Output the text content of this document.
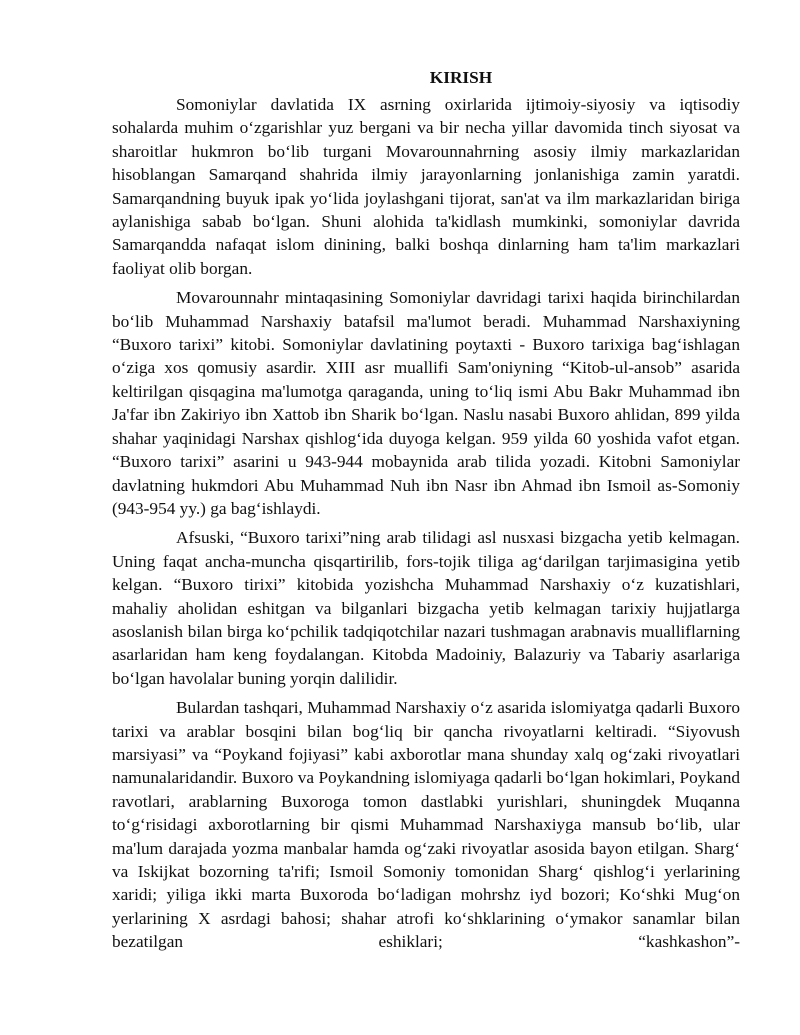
KIRISH

Somoniylar davlatida IX asrning oxirlarida ijtimoiy-siyosiy va iqtisodiy sohalarda muhim o‘zgarishlar yuz bergani va bir necha yillar davomida tinch siyosat va sharoitlar hukmron bo‘lib turgani Movarounnahrning asosiy ilmiy markazlaridan hisoblangan Samarqand shahrida ilmiy jarayonlarning jonlanishiga zamin yaratdi. Samarqandning buyuk ipak yo‘lida joylashgani tijorat, san'at va ilm markazlaridan biriga aylanishiga sabab bo‘lgan. Shuni alohida ta'kidlash mumkinki, somoniylar davrida Samarqandda nafaqat islom dinining, balki boshqa dinlarning ham ta'lim markazlari faoliyat olib borgan.

Movarounnahr mintaqasining Somoniylar davridagi tarixi haqida birinchilardan bo‘lib Muhammad Narshaxiy batafsil ma'lumot beradi. Muhammad Narshaxiyning “Buxoro tarixi” kitobi. Somoniylar davlatining poytaxti - Buxoro tarixiga bag‘ishlagan o‘ziga xos qomusiy asardir. XIII asr muallifi Sam'oniyning “Kitob-ul-ansob” asarida keltirilgan qisqagina ma'lumotga qaraganda, uning to‘liq ismi Abu Bakr Muhammad ibn Ja'far ibn Zakiriyo ibn Xattob ibn Sharik bo‘lgan. Naslu nasabi Buxoro ahlidan, 899 yilda shahar yaqinidagi Narshax qishlog‘ida duyoga kelgan. 959 yilda 60 yoshida vafot etgan. “Buxoro tarixi” asarini u 943-944 mobaynida arab tilida yozadi. Kitobni Samoniylar davlatning hukmdori Abu Muhammad Nuh ibn Nasr ibn Ahmad ibn Ismoil as-Somoniy (943-954 yy.) ga bag‘ishlaydi.

Afsuski, “Buxoro tarixi”ning arab tilidagi asl nusxasi bizgacha yetib kelmagan. Uning faqat ancha-muncha qisqartirilib, fors-tojik tiliga ag‘darilgan tarjimasigina yetib kelgan. “Buxoro tirixi” kitobida yozishcha Muhammad Narshaxiy o‘z kuzatishlari, mahaliy aholidan eshitgan va bilganlari bizgacha yetib kelmagan tarixiy hujjatlarga asoslanish bilan birga ko‘pchilik tadqiqotchilar nazari tushmagan arabnavis mualliflarning asarlaridan ham keng foydalangan. Kitobda Madoiniy, Balazuriy va Tabariy asarlariga bo‘lgan havolalar buning yorqin dalilidir.

Bulardan tashqari, Muhammad Narshaxiy o‘z asarida islomiyatga qadarli Buxoro tarixi va arablar bosqini bilan bog‘liq bir qancha rivoyatlarni keltiradi. “Siyovush marsiyasi” va “Poykand fojiyasi” kabi axborotlar mana shunday xalq og‘zaki rivoyatlari namunalaridandir. Buxoro va Poykandning islomiyaga qadarli bo‘lgan hokimlari, Poykand ravotlari, arablarning Buxoroga tomon dastlabki yurishlari, shuningdek Muqanna to‘g‘risidagi axborotlarning bir qismi Muhammad Narshaxiyga mansub bo‘lib, ular ma'lum darajada yozma manbalar hamda og‘zaki rivoyatlar asosida bayon etilgan. Sharg‘ va Iskijkat bozorning ta'rifi; Ismoil Somoniy tomonidan Sharg‘ qishlog‘i yerlarining xaridi; yiliga ikki marta Buxoroda bo‘ladigan mohrshz iyd bozori; Ko‘shki Mug‘on yerlarining X asrdagi bahosi; shahar atrofi ko‘shklarining o‘ymakor sanamlar bilan bezatilgan eshiklari; “kashkashon”-
